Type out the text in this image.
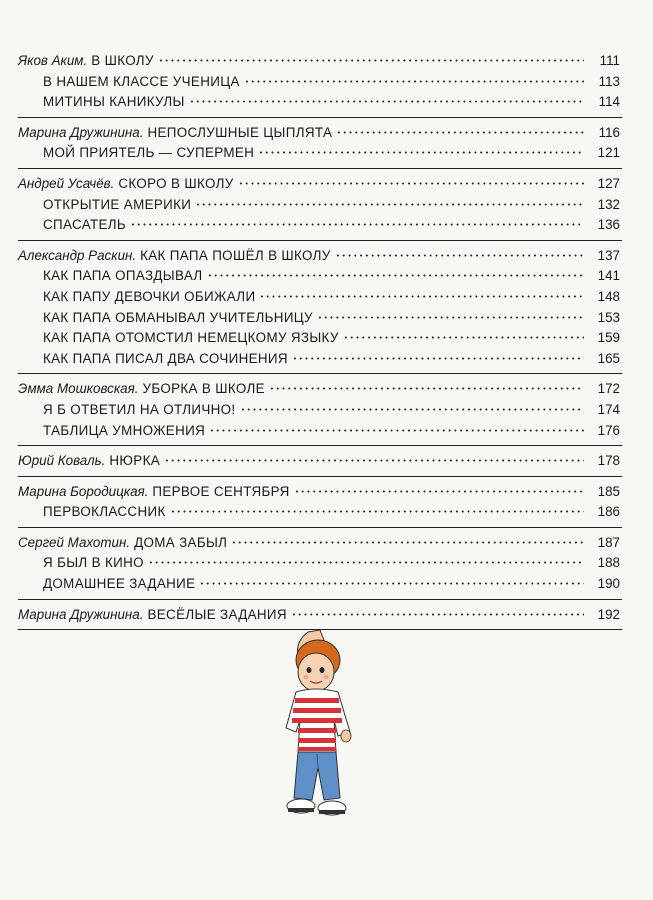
Яков Аким. В ШКОЛУ	111
В НАШЕМ КЛАССЕ УЧЕНИЦА	113
МИТИНЫ КАНИКУЛЫ	114
Марина Дружинина. НЕПОСЛУШНЫЕ ЦЫПЛЯТА	116
МОЙ ПРИЯТЕЛЬ — СУПЕРМЕН	121
Андрей Усачёв. СКОРО В ШКОЛУ	127
ОТКРЫТИЕ АМЕРИКИ	132
СПАСАТЕЛЬ	136
Александр Раскин. КАК ПАПА ПОШЁЛ В ШКОЛУ	137
КАК ПАПА ОПАЗДЫВАЛ	141
КАК ПАПУ ДЕВОЧКИ ОБИЖАЛИ	148
КАК ПАПА ОБМАНЫВАЛ УЧИТЕЛЬНИЦУ	153
КАК ПАПА ОТОМСТИЛ НЕМЕЦКОМУ ЯЗЫКУ	159
КАК ПАПА ПИСАЛ ДВА СОЧИНЕНИЯ	165
Эмма Мошковская. УБОРКА В ШКОЛЕ	172
Я Б ОТВЕТИЛ НА ОТЛИЧНО!	174
ТАБЛИЦА УМНОЖЕНИЯ	176
Юрий Коваль. НЮРКА	178
Марина Бородицкая. ПЕРВОЕ СЕНТЯБРЯ	185
ПЕРВОКЛАССНИК	186
Сергей Махотин. ДОМА ЗАБЫЛ	187
Я БЫЛ В КИНО	188
ДОМАШНЕЕ ЗАДАНИЕ	190
Марина Дружинина. ВЕСЁЛЫЕ ЗАДАНИЯ	192
